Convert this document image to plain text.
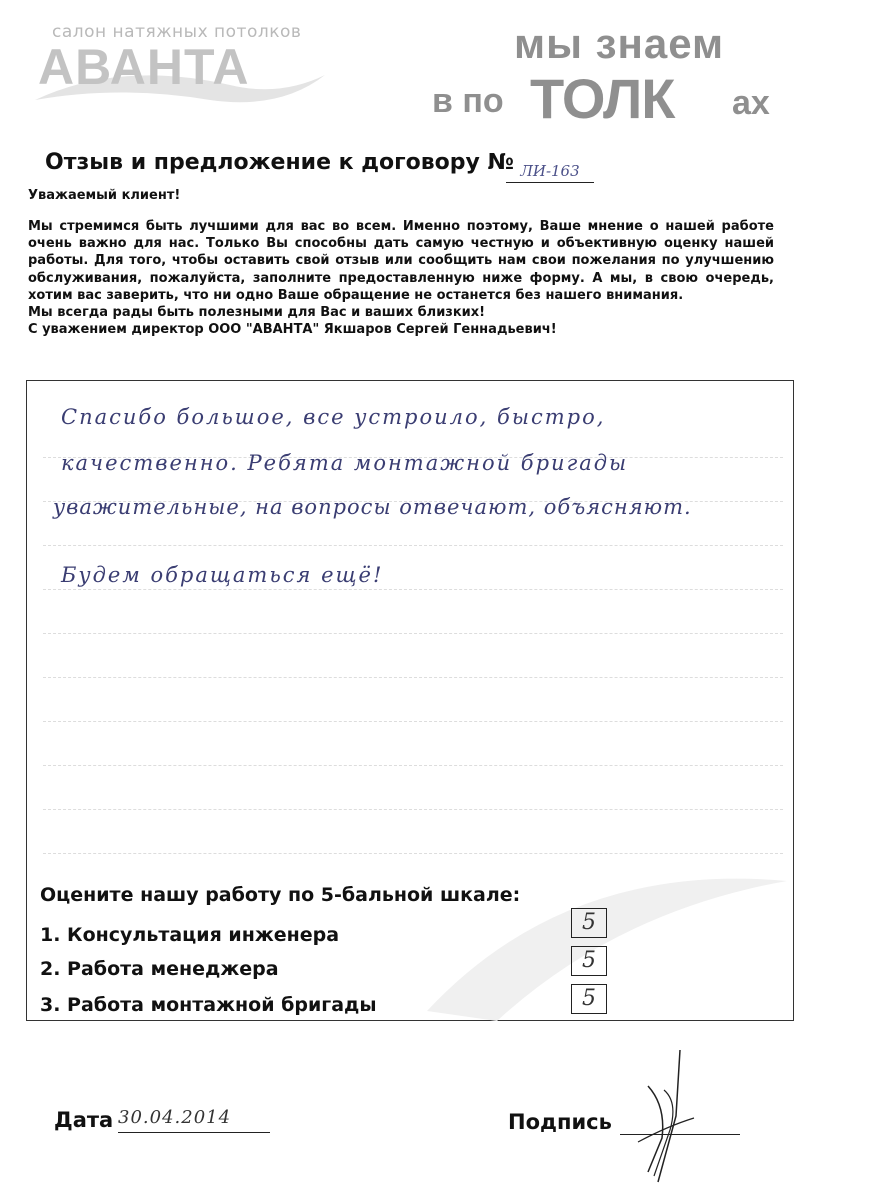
салон натяжных потолков
АВАНТА	мы знаем
в по ТОЛК ах
Отзыв и предложение к договору № ЛИ-163
Уважаемый клиент!

Мы стремимся быть лучшими для вас во всем. Именно поэтому, Ваше мнение о нашей работе очень важно для нас. Только Вы способны дать самую честную и объективную оценку нашей работы. Для того, чтобы оставить свой отзыв или сообщить нам свои пожелания по улучшению обслуживания, пожалуйста, заполните предоставленную ниже форму. А мы, в свою очередь, хотим вас заверить, что ни одно Ваше обращение не останется без нашего внимания.

Мы всегда рады быть полезными для Вас и ваших близких!

С уважением директор ООО "АВАНТА" Якшаров Сергей Геннадьевич!

Спасибо большое, все устроило, быстро,
качественно. Ребята монтажной бригады
уважительные, на вопросы отвечают, объясняют.
Будем обращаться ещё!
Оцените нашу работу по 5-бальной шкале:
1. Консультация инженера	5
2. Работа менеджера	5
3. Работа монтажной бригады	5
Дата 30.04.2014	Подпись
